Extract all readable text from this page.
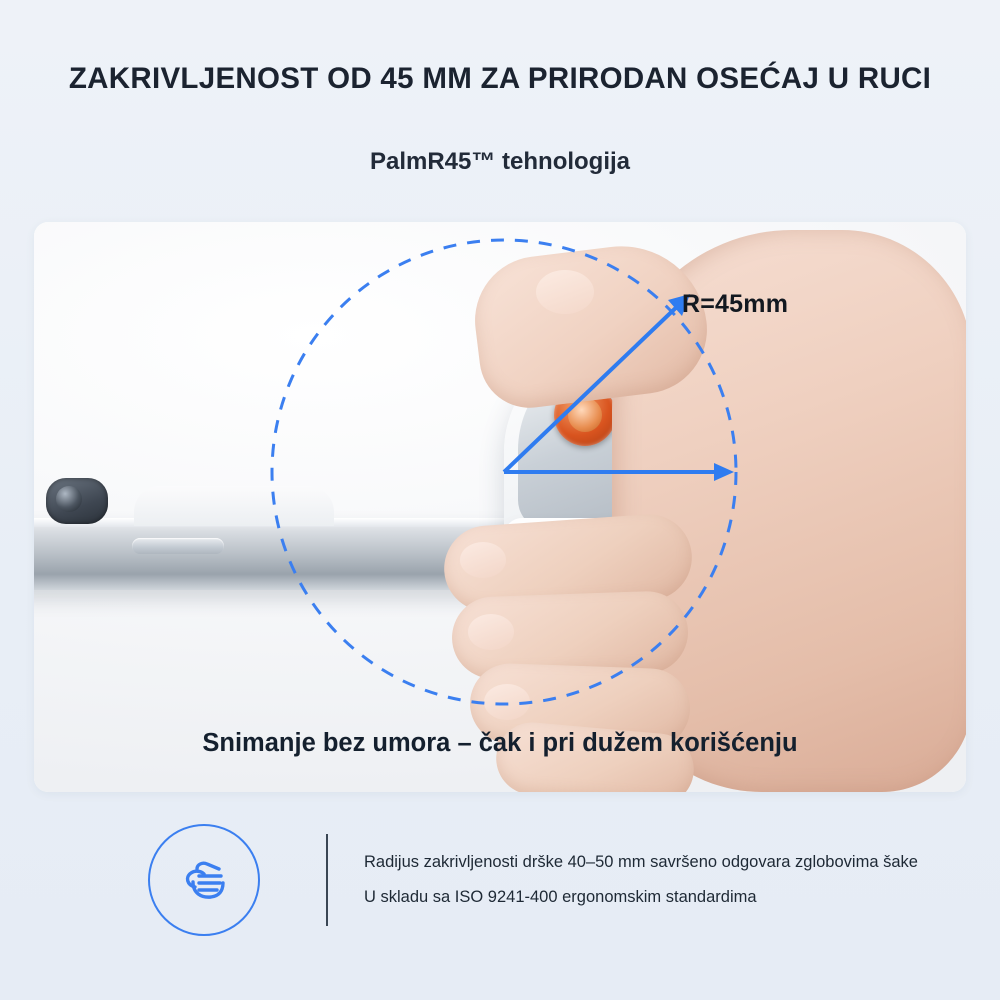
ZAKRIVLJENOST OD 45 MM ZA PRIRODAN OSEĆAJ U RUCI
PalmR45™ tehnologija
R=45mm
Snimanje bez umora – čak i pri dužem korišćenju
Radijus zakrivljenosti drške 40–50 mm savršeno odgovara zglobovima šake
U skladu sa ISO 9241-400 ergonomskim standardima
